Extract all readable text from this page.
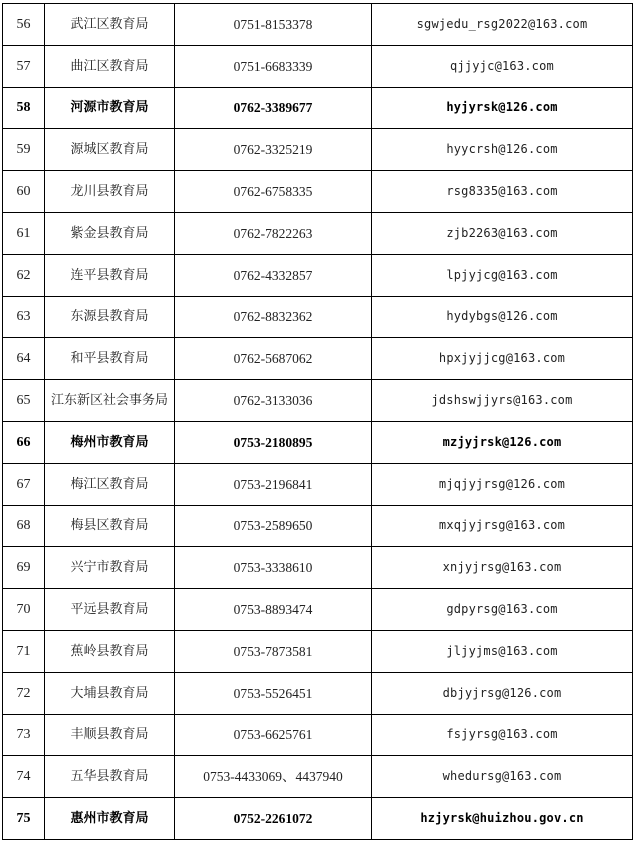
56	武江区教育局	0751-8153378	sgwjedu_rsg2022@163.com
57	曲江区教育局	0751-6683339	qjjyjc@163.com
58	河源市教育局	0762-3389677	hyjyrsk@126.com
59	源城区教育局	0762-3325219	hyycrsh@126.com
60	龙川县教育局	0762-6758335	rsg8335@163.com
61	紫金县教育局	0762-7822263	zjb2263@163.com
62	连平县教育局	0762-4332857	lpjyjcg@163.com
63	东源县教育局	0762-8832362	hydybgs@126.com
64	和平县教育局	0762-5687062	hpxjyjjcg@163.com
65	江东新区社会事务局	0762-3133036	jdshswjjyrs@163.com
66	梅州市教育局	0753-2180895	mzjyjrsk@126.com
67	梅江区教育局	0753-2196841	mjqjyjrsg@126.com
68	梅县区教育局	0753-2589650	mxqjyjrsg@163.com
69	兴宁市教育局	0753-3338610	xnjyjrsg@163.com
70	平远县教育局	0753-8893474	gdpyrsg@163.com
71	蕉岭县教育局	0753-7873581	jljyjms@163.com
72	大埔县教育局	0753-5526451	dbjyjrsg@126.com
73	丰顺县教育局	0753-6625761	fsjyrsg@163.com
74	五华县教育局	0753-4433069、4437940	whedursg@163.com
75	惠州市教育局	0752-2261072	hzjyrsk@huizhou.gov.cn
